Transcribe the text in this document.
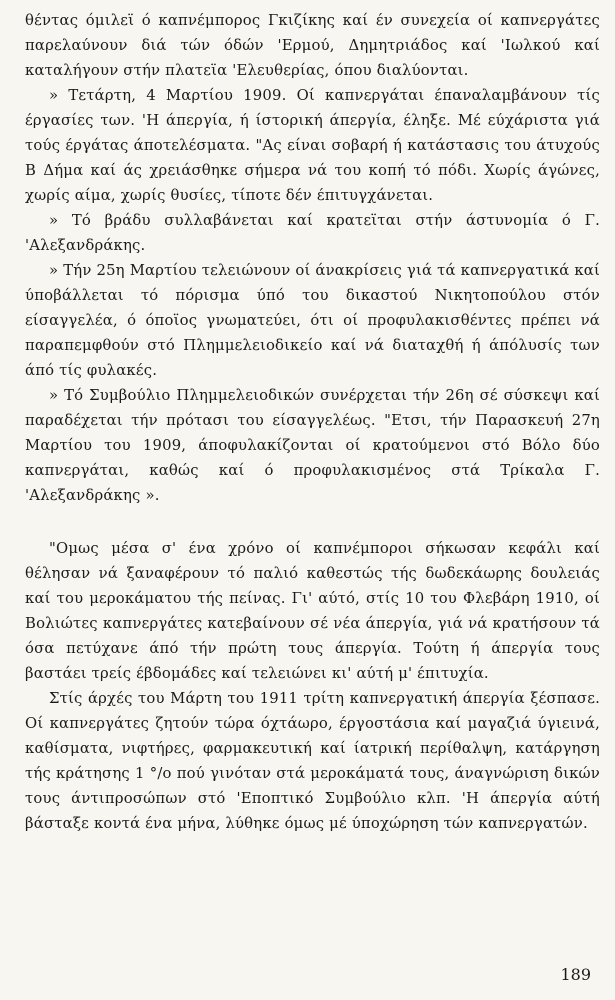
θέντας όμιλεϊ ό καπνέμπορος Γκιζίκης καί έν συνεχεία οί καπνεργάτες παρελαύνουν διά τών όδών 'Ερμού, Δημητριάδος καί 'Ιωλκού καί καταλήγουν στήν πλατεϊα 'Ελευθερίας, όπου διαλύονται.

» Τετάρτη, 4 Μαρτίου 1909. Οί καπνεργάται έπαναλαμβάνουν τίς έργασίες των. 'Η άπεργία, ή ίστορική άπεργία, έληξε. Μέ εύχάριστα γιά τούς έργάτας άποτελέσματα. "Ας είναι σοβαρή ή κατάστασις του άτυχούς Β Δήμα καί άς χρειάσθηκε σήμερα νά του κοπή τό πόδι. Χωρίς άγώνες, χωρίς αίμα, χωρίς θυσίες, τίποτε δέν έπιτυγχάνεται.

» Τό βράδυ συλλαβάνεται καί κρατεϊται στήν άστυνομία ό Γ. 'Αλεξανδράκης.

» Τήν 25η Μαρτίου τελειώνουν οί άνακρίσεις γιά τά καπνεργατικά καί ύποβάλλεται τό πόρισμα ύπό του δικαστού Νικητοπούλου στόν είσαγγελέα, ό όποϊος γνωματεύει, ότι οί προφυλακισθέντες πρέπει νά παραπεμφθούν στό Πλημμελειοδικείο καί νά διαταχθή ή άπόλυσίς των άπό τίς φυλακές.

» Τό Συμβούλιο Πλημμελειοδικών συνέρχεται τήν 26η σέ σύσκεψι καί παραδέχεται τήν πρότασι του είσαγγελέως. "Ετσι, τήν Παρασκευή 27η Μαρτίου του 1909, άποφυλακίζονται οί κρατούμενοι στό Βόλο δύο καπνεργάται, καθώς καί ό προφυλακισμένος στά Τρίκαλα Γ. 'Αλεξανδράκης ».

"Ομως μέσα σ' ένα χρόνο οί καπνέμποροι σήκωσαν κεφάλι καί θέλησαν νά ξαναφέρουν τό παλιό καθεστώς τής δωδεκάωρης δουλειάς καί του μεροκάματου τής πείνας. Γι' αύτό, στίς 10 του Φλεβάρη 1910, οί Βολιώτες καπνεργάτες κατεβαίνουν σέ νέα άπεργία, γιά νά κρατήσουν τά όσα πετύχανε άπό τήν πρώτη τους άπεργία. Τούτη ή άπεργία τους βαστάει τρείς έβδομάδες καί τελειώνει κι' αύτή μ' έπιτυχία.

Στίς άρχές του Μάρτη του 1911 τρίτη καπνεργατική άπεργία ξέσπασε. Οί καπνεργάτες ζητούν τώρα όχτάωρο, έργοστάσια καί μαγαζιά ύγιεινά, καθίσματα, νιφτήρες, φαρμακευτική καί ίατρική περίθαλψη, κατάργηση τής κράτησης 1 °/ο πού γινόταν στά μεροκάματά τους, άναγνώριση δικών τους άντιπροσώπων στό 'Εποπτικό Συμβούλιο κλπ. 'Η άπεργία αύτή βάσταξε κοντά ένα μήνα, λύθηκε όμως μέ ύποχώρηση τών καπνεργατών.

189
